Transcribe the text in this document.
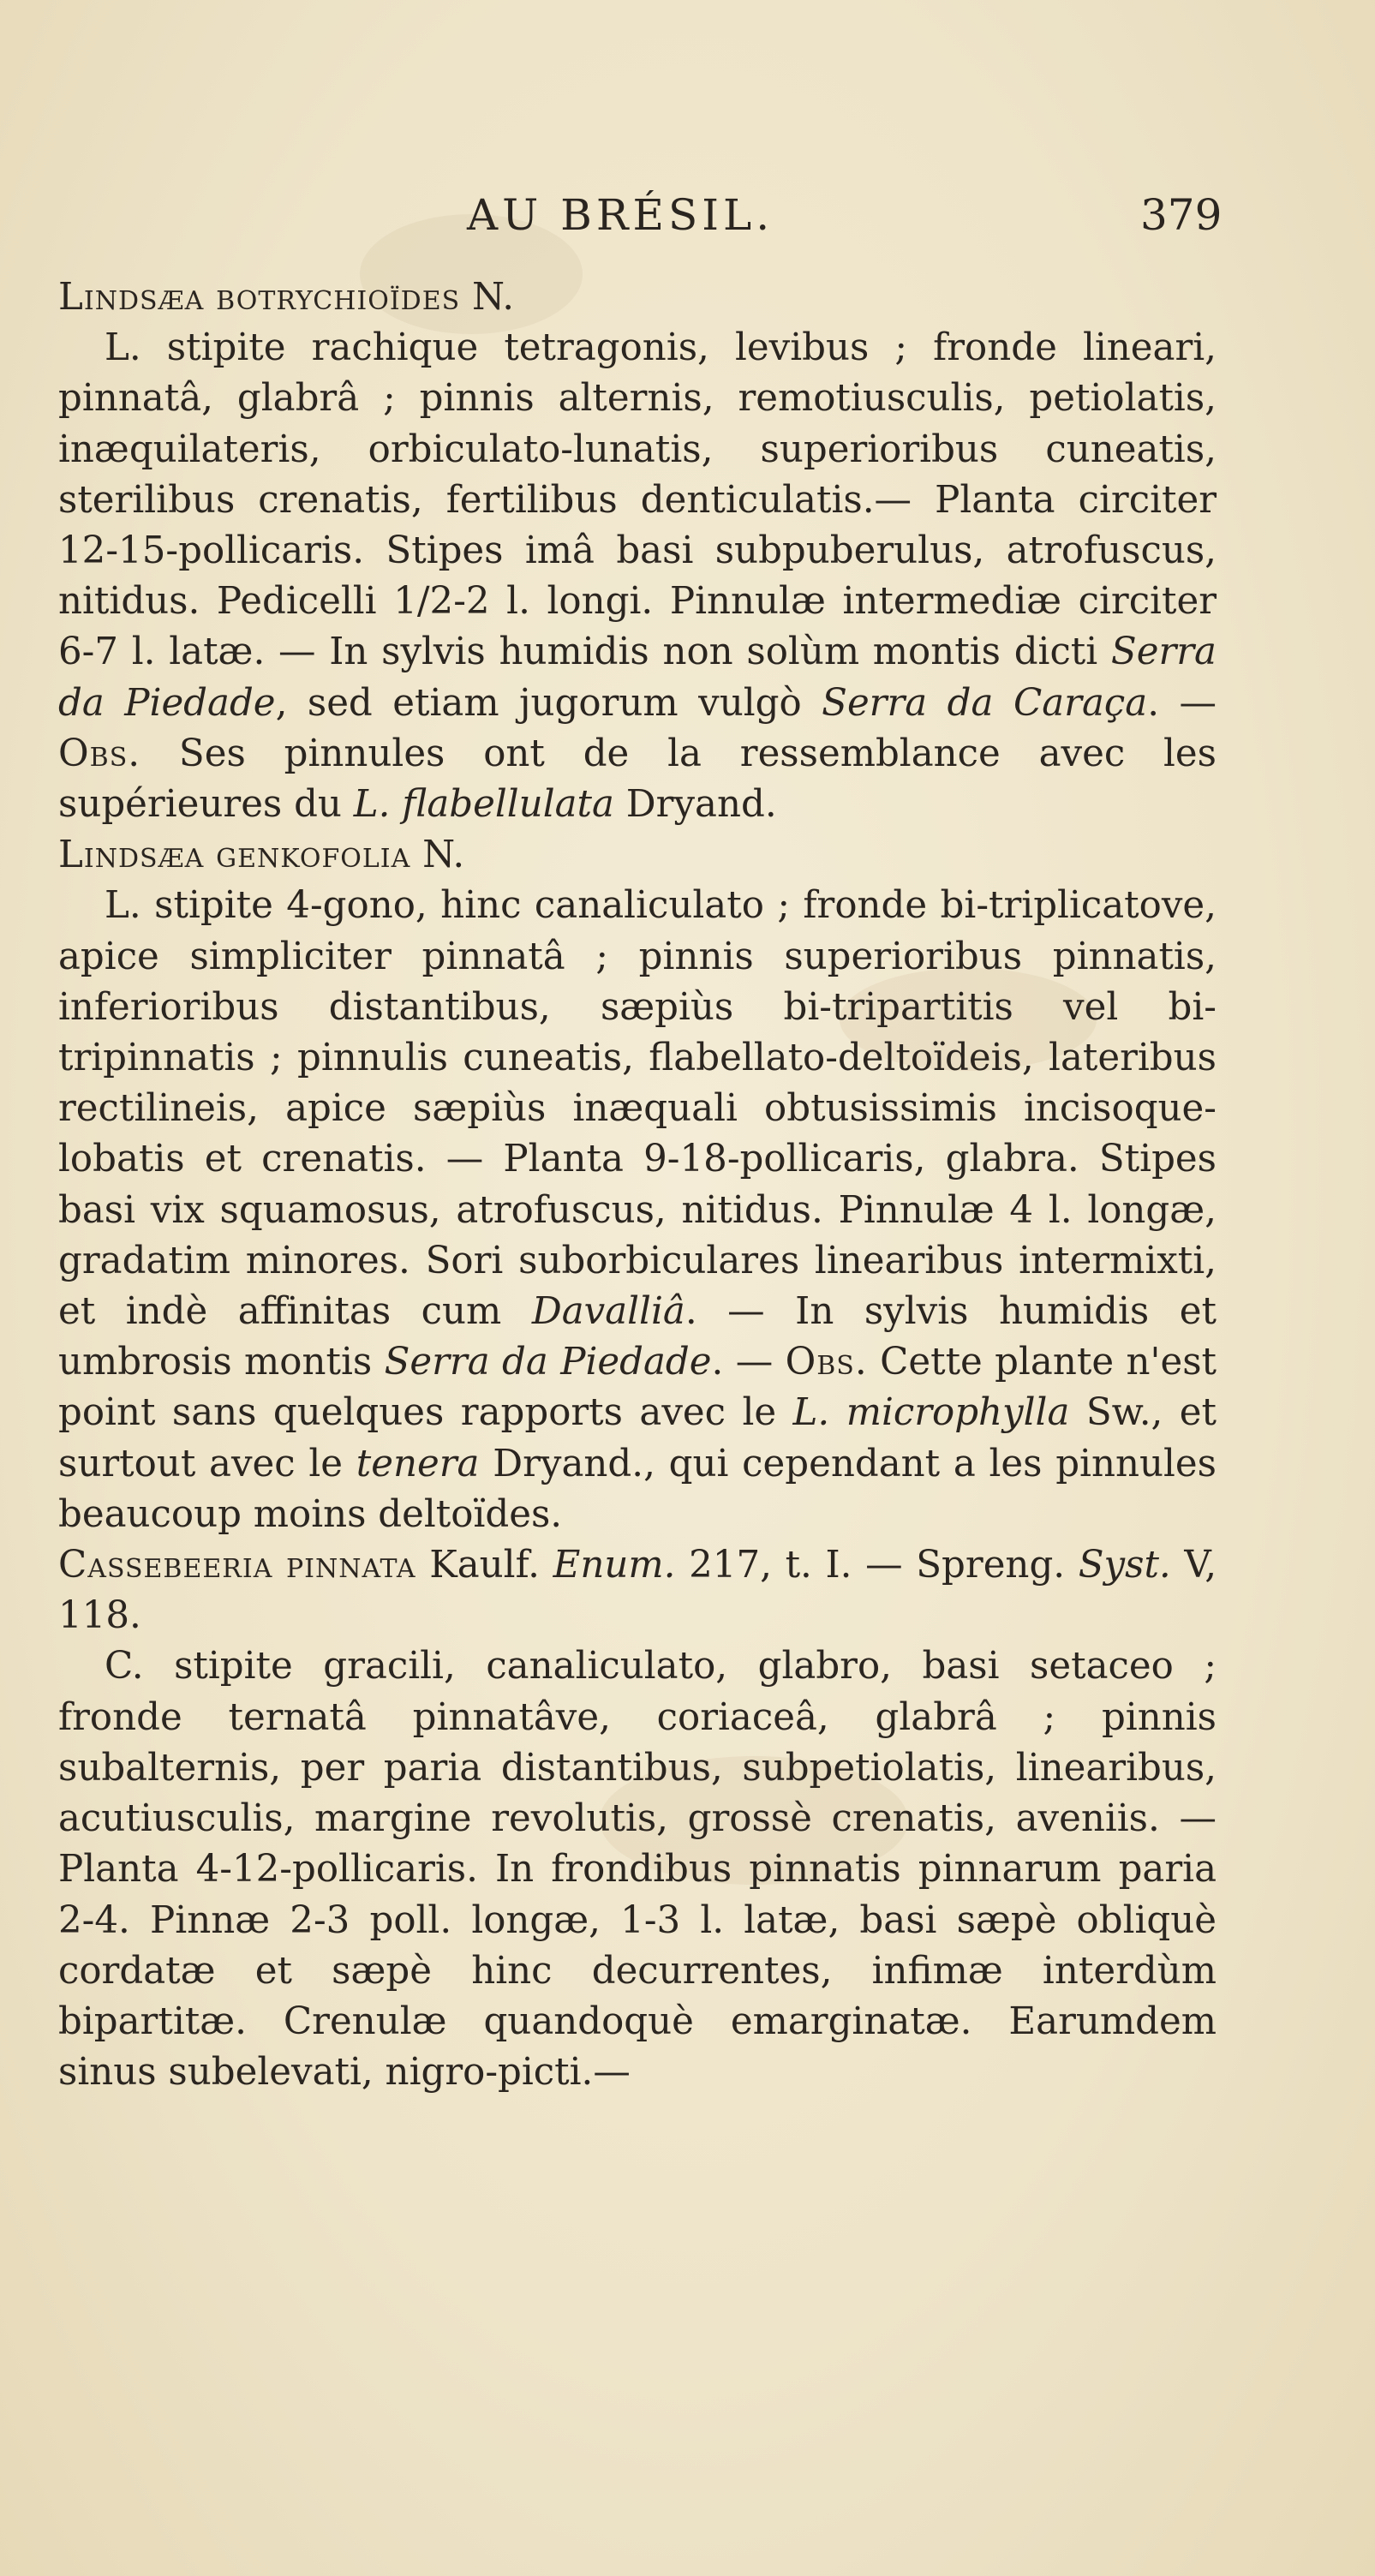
AU BRÉSIL.	379

Lindsæa botrychioïdes N.

L. stipite rachique tetragonis, levibus ; fronde lineari, pinnatâ, glabrâ ; pinnis alternis, remotiusculis, petiolatis, inæquilateris, orbiculato-lunatis, superioribus cuneatis, sterilibus crenatis, fertilibus denticulatis.— Planta circiter 12-15-pollicaris. Stipes imâ basi subpuberulus, atrofuscus, nitidus. Pedicelli 1/2-2 l. longi. Pinnulæ intermediæ circiter 6-7 l. latæ. — In sylvis humidis non solùm montis dicti Serra da Piedade, sed etiam jugorum vulgò Serra da Caraça. — Obs. Ses pinnules ont de la ressemblance avec les supérieures du L. flabellulata Dryand.

Lindsæa genkofolia N.

L. stipite 4-gono, hinc canaliculato ; fronde bi-triplicatove, apice simpliciter pinnatâ ; pinnis superioribus pinnatis, inferioribus distantibus, sæpiùs bi-tripartitis vel bi-tripinnatis ; pinnulis cuneatis, flabellato-deltoïdeis, lateribus rectilineis, apice sæpiùs inæquali obtusissimis incisoque-lobatis et crenatis. — Planta 9-18-pollicaris, glabra. Stipes basi vix squamosus, atrofuscus, nitidus. Pinnulæ 4 l. longæ, gradatim minores. Sori suborbiculares linearibus intermixti, et indè affinitas cum Davalliâ. — In sylvis humidis et umbrosis montis Serra da Piedade. — Obs. Cette plante n'est point sans quelques rapports avec le L. microphylla Sw., et surtout avec le tenera Dryand., qui cependant a les pinnules beaucoup moins deltoïdes.

Cassebeeria pinnata Kaulf. Enum. 217, t. I. — Spreng. Syst. V, 118.

C. stipite gracili, canaliculato, glabro, basi setaceo ; fronde ternatâ pinnatâve, coriaceâ, glabrâ ; pinnis subalternis, per paria distantibus, subpetiolatis, linearibus, acutiusculis, margine revolutis, grossè crenatis, aveniis. — Planta 4-12-pollicaris. In frondibus pinnatis pinnarum paria 2-4. Pinnæ 2-3 poll. longæ, 1-3 l. latæ, basi sæpè obliquè cordatæ et sæpè hinc decurrentes, infimæ interdùm bipartitæ. Crenulæ quandoquè emarginatæ. Earumdem sinus subelevati, nigro-picti.—
